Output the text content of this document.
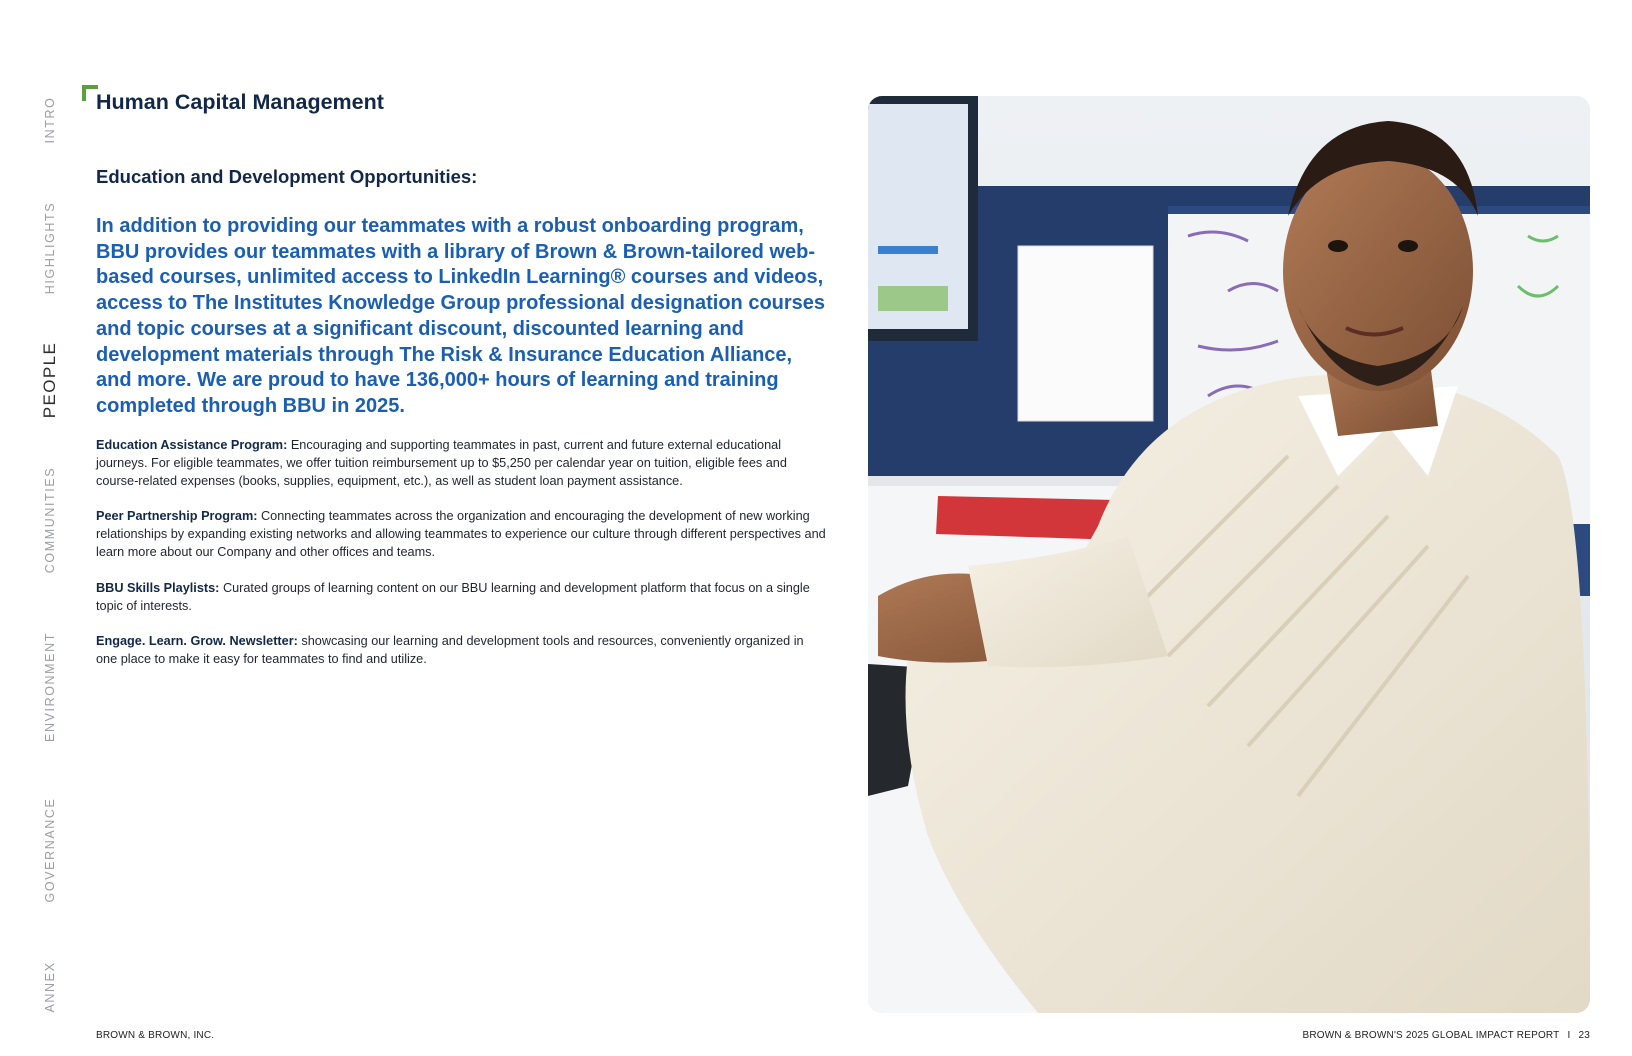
INTRO
HIGHLIGHTS
PEOPLE
COMMUNITIES
ENVIRONMENT
GOVERNANCE
ANNEX
Human Capital Management
Education and Development Opportunities:

In addition to providing our teammates with a robust onboarding program, BBU provides our teammates with a library of Brown & Brown-tailored web-based courses, unlimited access to LinkedIn Learning® courses and videos, access to The Institutes Knowledge Group professional designation courses and topic courses at a significant discount, discounted learning and development materials through The Risk & Insurance Education Alliance, and more. We are proud to have 136,000+ hours of learning and training completed through BBU in 2025.

Education Assistance Program: Encouraging and supporting teammates in past, current and future external educational journeys. For eligible teammates, we offer tuition reimbursement up to $5,250 per calendar year on tuition, eligible fees and course-related expenses (books, supplies, equipment, etc.), as well as student loan payment assistance.

Peer Partnership Program: Connecting teammates across the organization and encouraging the development of new working relationships by expanding existing networks and allowing teammates to experience our culture through different perspectives and learn more about our Company and other offices and teams.

BBU Skills Playlists: Curated groups of learning content on our BBU learning and development platform that focus on a single topic of interests.

Engage. Learn. Grow. Newsletter: showcasing our learning and development tools and resources, conveniently organized in one place to make it easy for teammates to find and utilize.

BROWN & BROWN, INC.	BROWN & BROWN'S 2025 GLOBAL IMPACT REPORT I 23
